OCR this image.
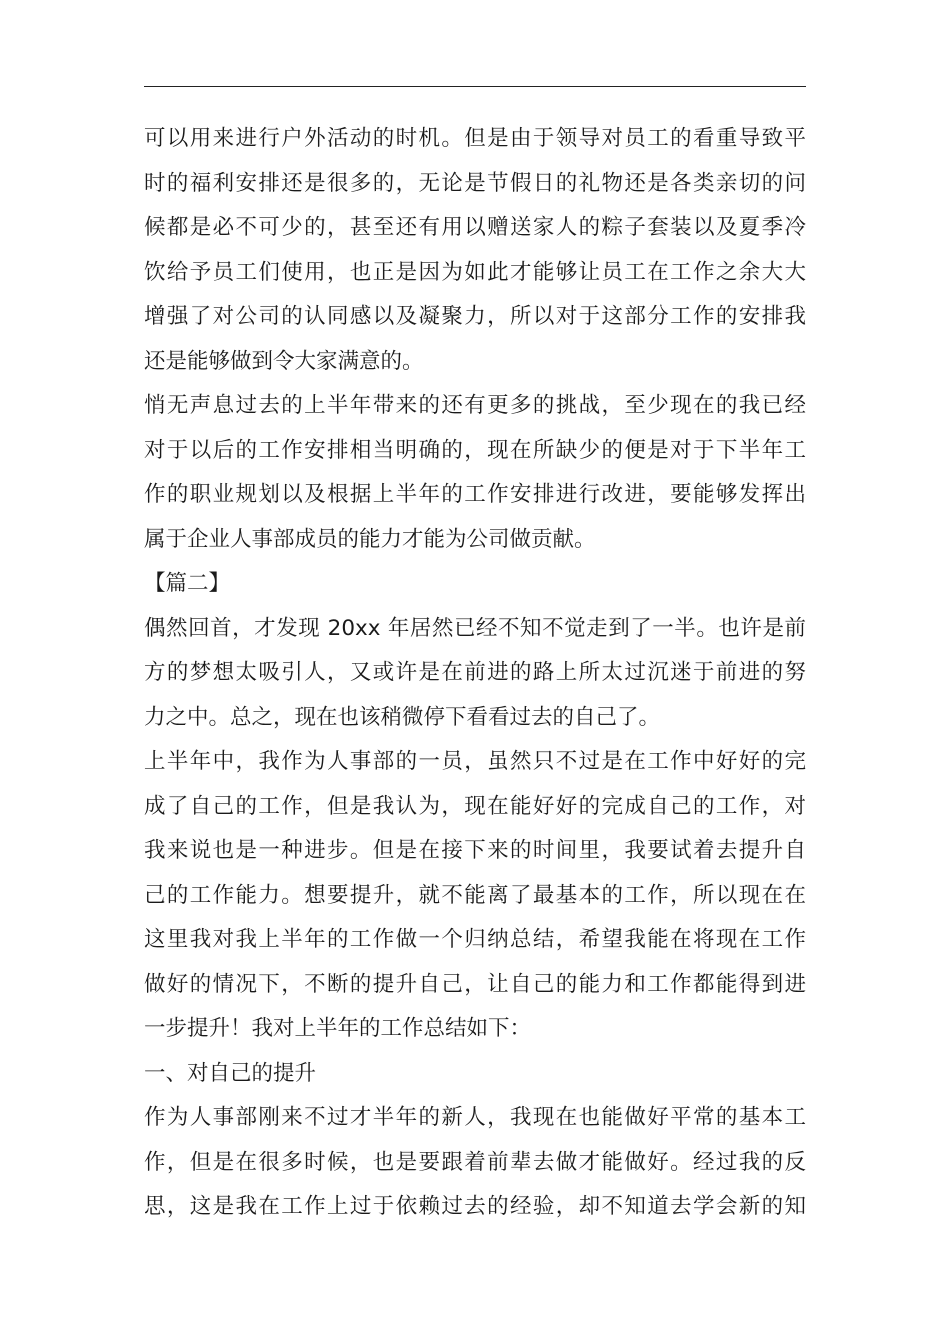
可以用来进行户外活动的时机。但是由于领导对员工的看重导致平
时的福利安排还是很多的，无论是节假日的礼物还是各类亲切的问
候都是必不可少的，甚至还有用以赠送家人的粽子套装以及夏季冷
饮给予员工们使用，也正是因为如此才能够让员工在工作之余大大
增强了对公司的认同感以及凝聚力，所以对于这部分工作的安排我
还是能够做到令大家满意的。
悄无声息过去的上半年带来的还有更多的挑战，至少现在的我已经
对于以后的工作安排相当明确的，现在所缺少的便是对于下半年工
作的职业规划以及根据上半年的工作安排进行改进，要能够发挥出
属于企业人事部成员的能力才能为公司做贡献。
【篇二】
偶然回首，才发现 20xx 年居然已经不知不觉走到了一半。也许是前
方的梦想太吸引人，又或许是在前进的路上所太过沉迷于前进的努
力之中。总之，现在也该稍微停下看看过去的自己了。
上半年中，我作为人事部的一员，虽然只不过是在工作中好好的完
成了自己的工作，但是我认为，现在能好好的完成自己的工作，对
我来说也是一种进步。但是在接下来的时间里，我要试着去提升自
己的工作能力。想要提升，就不能离了最基本的工作，所以现在在
这里我对我上半年的工作做一个归纳总结，希望我能在将现在工作
做好的情况下，不断的提升自己，让自己的能力和工作都能得到进
一步提升！我对上半年的工作总结如下：
一、对自己的提升
作为人事部刚来不过才半年的新人，我现在也能做好平常的基本工
作，但是在很多时候，也是要跟着前辈去做才能做好。经过我的反
思，这是我在工作上过于依赖过去的经验，却不知道去学会新的知
